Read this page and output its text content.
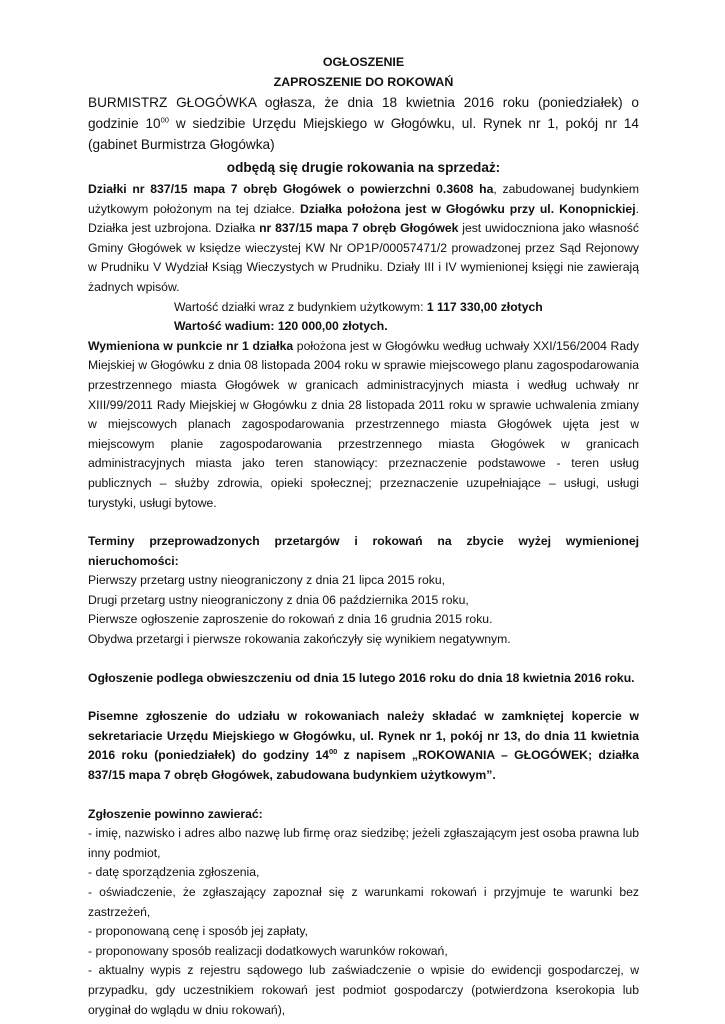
OGŁOSZENIE

ZAPROSZENIE DO ROKOWAŃ

BURMISTRZ GŁOGÓWKA ogłasza, że dnia 18 kwietnia 2016 roku (poniedziałek) o godzinie $10^{00}$ w siedzibie Urzędu Miejskiego w Głogówku, ul. Rynek nr 1, pokój nr 14 (gabinet Burmistrza Głogówka)

odbędą się drugie rokowania na sprzedaż:

Działki nr 837/15 mapa 7 obręb Głogówek o powierzchni 0.3608 ha, zabudowanej budynkiem użytkowym położonym na tej działce. Działka położona jest w Głogówku przy ul. Konopnickiej. Działka jest uzbrojona. Działka nr 837/15 mapa 7 obręb Głogówek jest uwidoczniona jako własność Gminy Głogówek w księdze wieczystej KW Nr OP1P/00057471/2 prowadzonej przez Sąd Rejonowy w Prudniku V Wydział Ksiąg Wieczystych w Prudniku. Działy III i IV wymienionej księgi nie zawierają żadnych wpisów.

Wartość działki wraz z budynkiem użytkowym: 1 117 330,00 złotych

Wartość wadium: 120 000,00 złotych.

Wymieniona w punkcie nr 1 działka położona jest w Głogówku według uchwały XXI/156/2004 Rady Miejskiej w Głogówku z dnia 08 listopada 2004 roku w sprawie miejscowego planu zagospodarowania przestrzennego miasta Głogówek w granicach administracyjnych miasta i według uchwały nr XIII/99/2011 Rady Miejskiej w Głogówku z dnia 28 listopada 2011 roku w sprawie uchwalenia zmiany w miejscowych planach zagospodarowania przestrzennego miasta Głogówek ujęta jest w miejscowym planie zagospodarowania przestrzennego miasta Głogówek w granicach administracyjnych miasta jako teren stanowiący: przeznaczenie podstawowe - teren usług publicznych – służby zdrowia, opieki społecznej; przeznaczenie uzupełniające – usługi, usługi turystyki, usługi bytowe.

Terminy przeprowadzonych przetargów i rokowań na zbycie wyżej wymienionej nieruchomości:

Pierwszy przetarg ustny nieograniczony z dnia 21 lipca 2015 roku,

Drugi przetarg ustny nieograniczony z dnia 06 października 2015 roku,

Pierwsze ogłoszenie zaproszenie do rokowań z dnia 16 grudnia 2015 roku.

Obydwa przetargi i pierwsze rokowania zakończyły się wynikiem negatywnym.

Ogłoszenie podlega obwieszczeniu od dnia 15 lutego 2016 roku do dnia 18 kwietnia 2016 roku.

Pisemne zgłoszenie do udziału w rokowaniach należy składać w zamkniętej kopercie w sekretariacie Urzędu Miejskiego w Głogówku, ul. Rynek nr 1, pokój nr 13, do dnia 11 kwietnia 2016 roku (poniedziałek) do godziny $14^{00}$ z napisem „ROKOWANIA – GŁOGÓWEK; działka 837/15 mapa 7 obręb Głogówek, zabudowana budynkiem użytkowym”.

Zgłoszenie powinno zawierać:

- imię, nazwisko i adres albo nazwę lub firmę oraz siedzibę; jeżeli zgłaszającym jest osoba prawna lub inny podmiot,

- datę sporządzenia zgłoszenia,

- oświadczenie, że zgłaszający zapoznał się z warunkami rokowań i przyjmuje te warunki bez zastrzeżeń,

- proponowaną cenę i sposób jej zapłaty,

- proponowany sposób realizacji dodatkowych warunków rokowań,

- aktualny wypis z rejestru sądowego lub zaświadczenie o wpisie do ewidencji gospodarczej, w przypadku, gdy uczestnikiem rokowań jest podmiot gospodarczy (potwierdzona kserokopia lub oryginał do wglądu w dniu rokowań),
